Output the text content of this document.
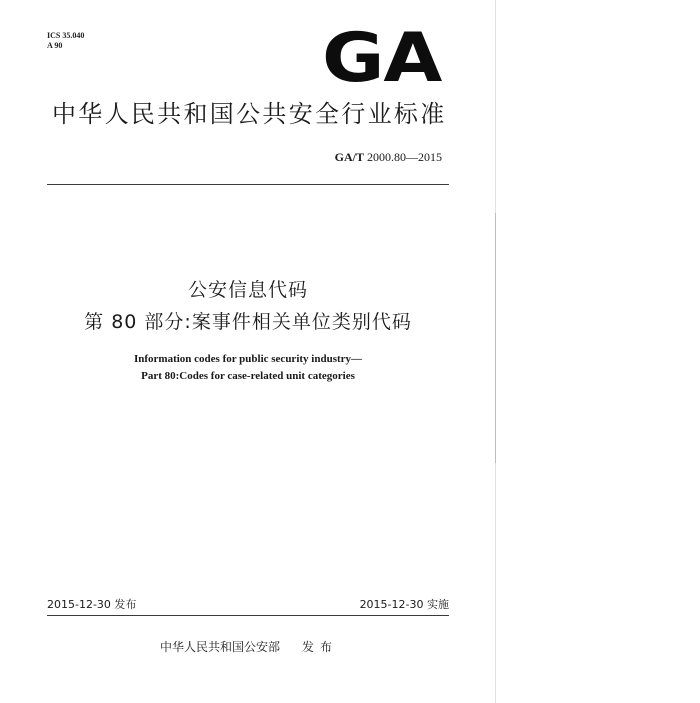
ICS 35.040
A 90	GA
中华人民共和国公共安全行业标准
GA/T 2000.80—2015
公安信息代码
第 80 部分:案事件相关单位类别代码
Information codes for public security industry—
Part 80:Codes for case-related unit categories
2015-12-30 发布	2015-12-30 实施
中华人民共和国公安部 发布
